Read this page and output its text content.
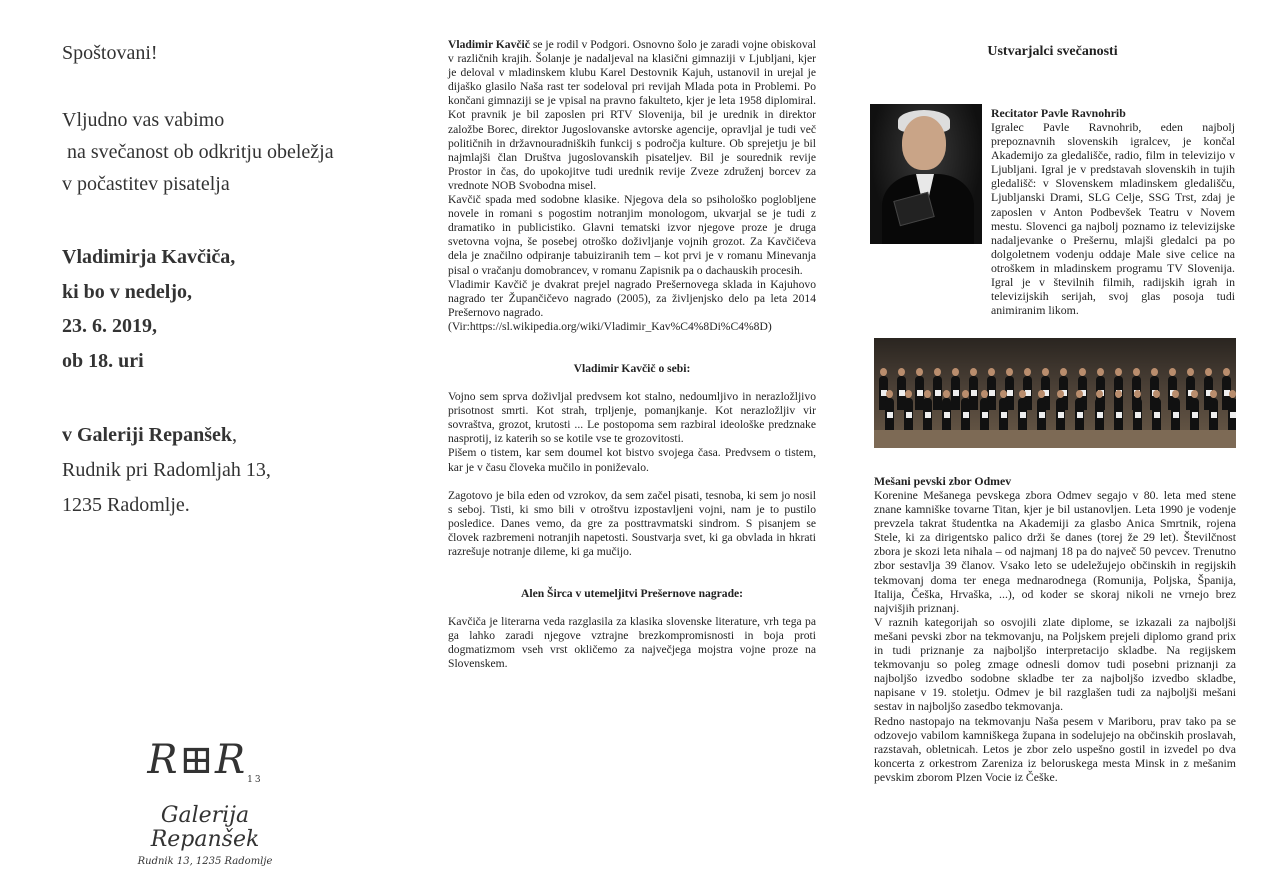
Spoštovani!
Vljudno vas vabimo
na svečanost ob odkritju obeležja
v počastitev pisatelja
Vladimirja Kavčiča,
ki bo v nedeljo,
23. 6. 2019,
ob 18. uri
v Galeriji Repanšek,
Rudnik pri Radomljah 13,
1235 Radomlje.
$R⊞R_{13}$
Galerija Repanšek
Rudnik 13, 1235 Radomlje

Vladimir Kavčič se je rodil v Podgori. Osnovno šolo je zaradi vojne obiskoval v različnih krajih. Šolanje je nadaljeval na klasični gimnaziji v Ljubljani, kjer je deloval v mladinskem klubu Karel Destovnik Kajuh, ustanovil in urejal je dijaško glasilo Naša rast ter sodeloval pri revijah Mlada pota in Problemi. Po končani gimnaziji se je vpisal na pravno fakulteto, kjer je leta 1958 diplomiral. Kot pravnik je bil zaposlen pri RTV Slovenija, bil je urednik in direktor založbe Borec, direktor Jugoslovanske avtorske agencije, opravljal je tudi več političnih in državnouradniških funkcij s področja kulture. Ob sprejetju je bil najmlajši član Društva jugoslovanskih pisateljev. Bil je sourednik revije Prostor in čas, do upokojitve tudi urednik revije Zveze združenj borcev za vrednote NOB Svobodna misel.

Kavčič spada med sodobne klasike. Njegova dela so psihološko poglobljene novele in romani s pogostim notranjim monologom, ukvarjal se je tudi z dramatiko in publicistiko. Glavni tematski izvor njegove proze je druga svetovna vojna, še posebej otroško doživljanje vojnih grozot. Za Kavčičeva dela je značilno odpiranje tabuiziranih tem – kot prvi je v romanu Minevanja pisal o vračanju domobrancev, v romanu Zapisnik pa o dachauskih procesih.

Vladimir Kavčič je dvakrat prejel nagrado Prešernovega sklada in Kajuhovo nagrado ter Župančičevo nagrado (2005), za življenjsko delo pa leta 2014 Prešernovo nagrado.

(Vir:https://sl.wikipedia.org/wiki/Vladimir_Kav%C4%8Di%C4%8D)

Vladimir Kavčič o sebi:

Vojno sem sprva doživljal predvsem kot stalno, nedoumljivo in nerazložljivo prisotnost smrti. Kot strah, trpljenje, pomanjkanje. Kot nerazložljiv vir sovraštva, grozot, krutosti ... Le postopoma sem razbiral ideološke predznake nasprotij, iz katerih so se kotile vse te grozovitosti.

Pišem o tistem, kar sem doumel kot bistvo svojega časa. Predvsem o tistem, kar je v času človeka mučilo in poniževalo.

Zagotovo je bila eden od vzrokov, da sem začel pisati, tesnoba, ki sem jo nosil s seboj. Tisti, ki smo bili v otroštvu izpostavljeni vojni, nam je to pustilo posledice. Danes vemo, da gre za posttravmatski sindrom. S pisanjem se človek razbremeni notranjih napetosti. Soustvarja svet, ki ga obvlada in hkrati razrešuje notranje dileme, ki ga mučijo.

Alen Širca v utemeljitvi Prešernove nagrade:

Kavčiča je literarna veda razglasila za klasika slovenske literature, vrh tega pa ga lahko zaradi njegove vztrajne brezkompromisnosti in boja proti dogmatizmom vseh vrst okličemo za največjega mojstra vojne proze na Slovenskem.

Ustvarjalci svečanosti
Recitator Pavle Ravnohrib

Igralec Pavle Ravnohrib, eden najbolj prepoznavnih slovenskih igralcev, je končal Akademijo za gledališče, radio, film in televizijo v Ljubljani. Igral je v predstavah slovenskih in tujih gledališč: v Slovenskem mladinskem gledališču, Ljubljanski Drami, SLG Celje, SSG Trst, zdaj je zaposlen v Anton Podbevšek Teatru v Novem mestu. Slovenci ga najbolj poznamo iz televizijske nadaljevanke o Prešernu, mlajši gledalci pa po dolgoletnem vodenju oddaje Male sive celice na otroškem in mladinskem programu TV Slovenija. Igral je v številnih filmih, radijskih igrah in televizijskih serijah, svoj glas posoja tudi animiranim likom.

Mešani pevski zbor Odmev

Korenine Mešanega pevskega zbora Odmev segajo v 80. leta med stene znane kamniške tovarne Titan, kjer je bil ustanovljen. Leta 1990 je vodenje prevzela takrat študentka na Akademiji za glasbo Anica Smrtnik, rojena Stele, ki za dirigentsko palico drži še danes (torej že 29 let). Številčnost zbora je skozi leta nihala – od najmanj 18 pa do največ 50 pevcev. Trenutno zbor sestavlja 39 članov. Vsako leto se udeležujejo občinskih in regijskih tekmovanj doma ter enega mednarodnega (Romunija, Poljska, Španija, Italija, Češka, Hrvaška, ...), od koder se skoraj nikoli ne vrnejo brez najvišjih priznanj.

V raznih kategorijah so osvojili zlate diplome, se izkazali za najboljši mešani pevski zbor na tekmovanju, na Poljskem prejeli diplomo grand prix in tudi priznanje za najboljšo interpretacijo skladbe. Na regijskem tekmovanju so poleg zmage odnesli domov tudi posebni priznanji za najboljšo izvedbo sodobne skladbe ter za najboljšo izvedbo skladbe, napisane v 19. stoletju. Odmev je bil razglašen tudi za najboljši mešani sestav in najboljšo zasedbo tekmovanja.

Redno nastopajo na tekmovanju Naša pesem v Mariboru, prav tako pa se odzovejo vabilom kamniškega župana in sodelujejo na občinskih proslavah, razstavah, obletnicah. Letos je zbor zelo uspešno gostil in izvedel po dva koncerta z orkestrom Zareniza iz beloruskega mesta Minsk in z mešanim pevskim zborom Plzen Vocie iz Češke.
